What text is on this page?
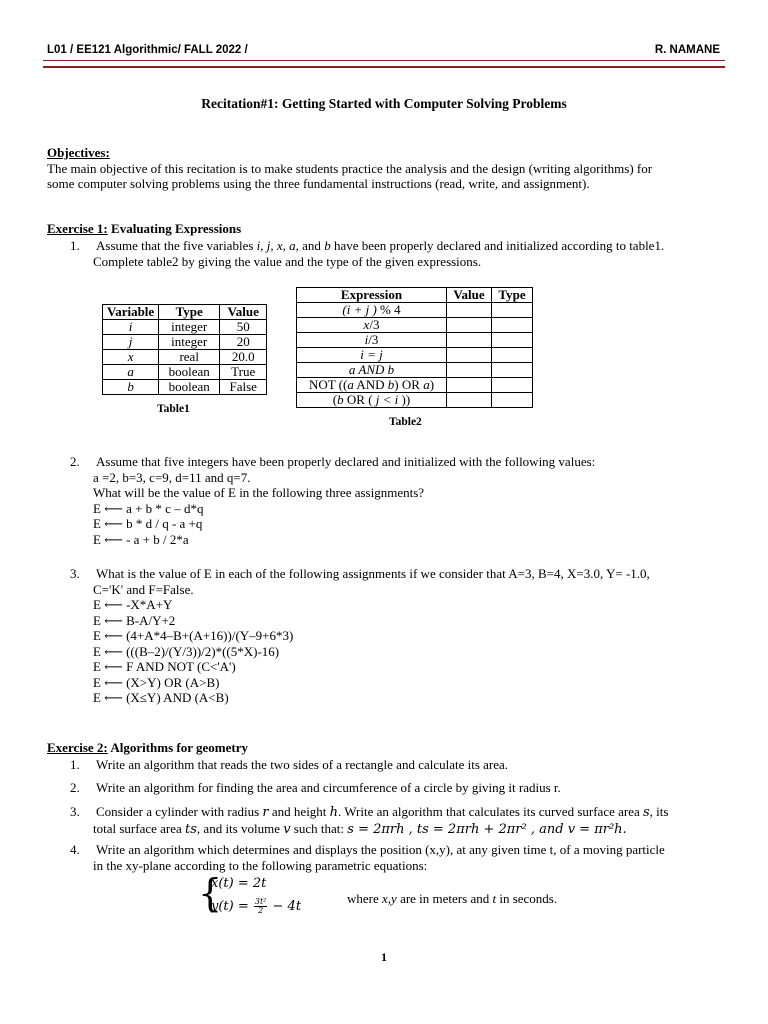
L01 / EE121 Algorithmic/ FALL 2022 /	R. NAMANE
Recitation#1: Getting Started with Computer Solving Problems

Objectives:

The main objective of this recitation is to make students practice the analysis and the design (writing algorithms) for

some computer solving problems using the three fundamental instructions (read, write, and assignment).

Exercise 1: Evaluating Expressions

1. Assume that the five variables i, j, x, a, and b have been properly declared and initialized according to table1.

Complete table2 by giving the value and the type of the given expressions.

Variable	Type	Value
i	integer	50
j	integer	20
x	real	20.0
a	boolean	True
b	boolean	False
Table1
Expression	Value	Type
(i + j ) % 4		
x/3		
i/3		
i = j		
a AND b		
NOT ((a AND b) OR a)		
(b OR ( j < i ))		
Table2

2. Assume that five integers have been properly declared and initialized with the following values:

a =2, b=3, c=9, d=11 and q=7.

What will be the value of E in the following three assignments?

E ⟵ a + b * c – d*q

E ⟵ b * d / q - a +q

E ⟵ - a + b / 2*a

3. What is the value of E in each of the following assignments if we consider that A=3, B=4, X=3.0, Y= -1.0,

C='K' and F=False.

E ⟵ -X*A+Y

E ⟵ B-A/Y+2

E ⟵ (4+A*4–B+(A+16))/(Y–9+6*3)

E ⟵ (((B–2)/(Y/3))/2)*((5*X)-16)

E ⟵ F AND NOT (C<'A')

E ⟵ (X>Y) OR (A>B)

E ⟵ (X≤Y) AND (A<B)

Exercise 2: Algorithms for geometry

1. Write an algorithm that reads the two sides of a rectangle and calculate its area.

2. Write an algorithm for finding the area and circumference of a circle by giving it radius r.

3. Consider a cylinder with radius 𝑟 and height ℎ. Write an algorithm that calculates its curved surface area 𝑠, its

total surface area 𝑡𝑠, and its volume 𝑣 such that: 𝑠 = 2𝜋𝑟ℎ , 𝑡𝑠 = 2𝜋𝑟ℎ + 2𝜋𝑟² , and 𝑣 = 𝜋𝑟²ℎ.

4. Write an algorithm which determines and displays the position (x,y), at any given time t, of a moving particle

in the xy-plane according to the following parametric equations:

{
𝑥(𝑡) = 2𝑡
𝑦(𝑡) = $\frac{\text{3t²}}{2}$ − 4𝑡
where x,y are in meters and t in seconds.
1
